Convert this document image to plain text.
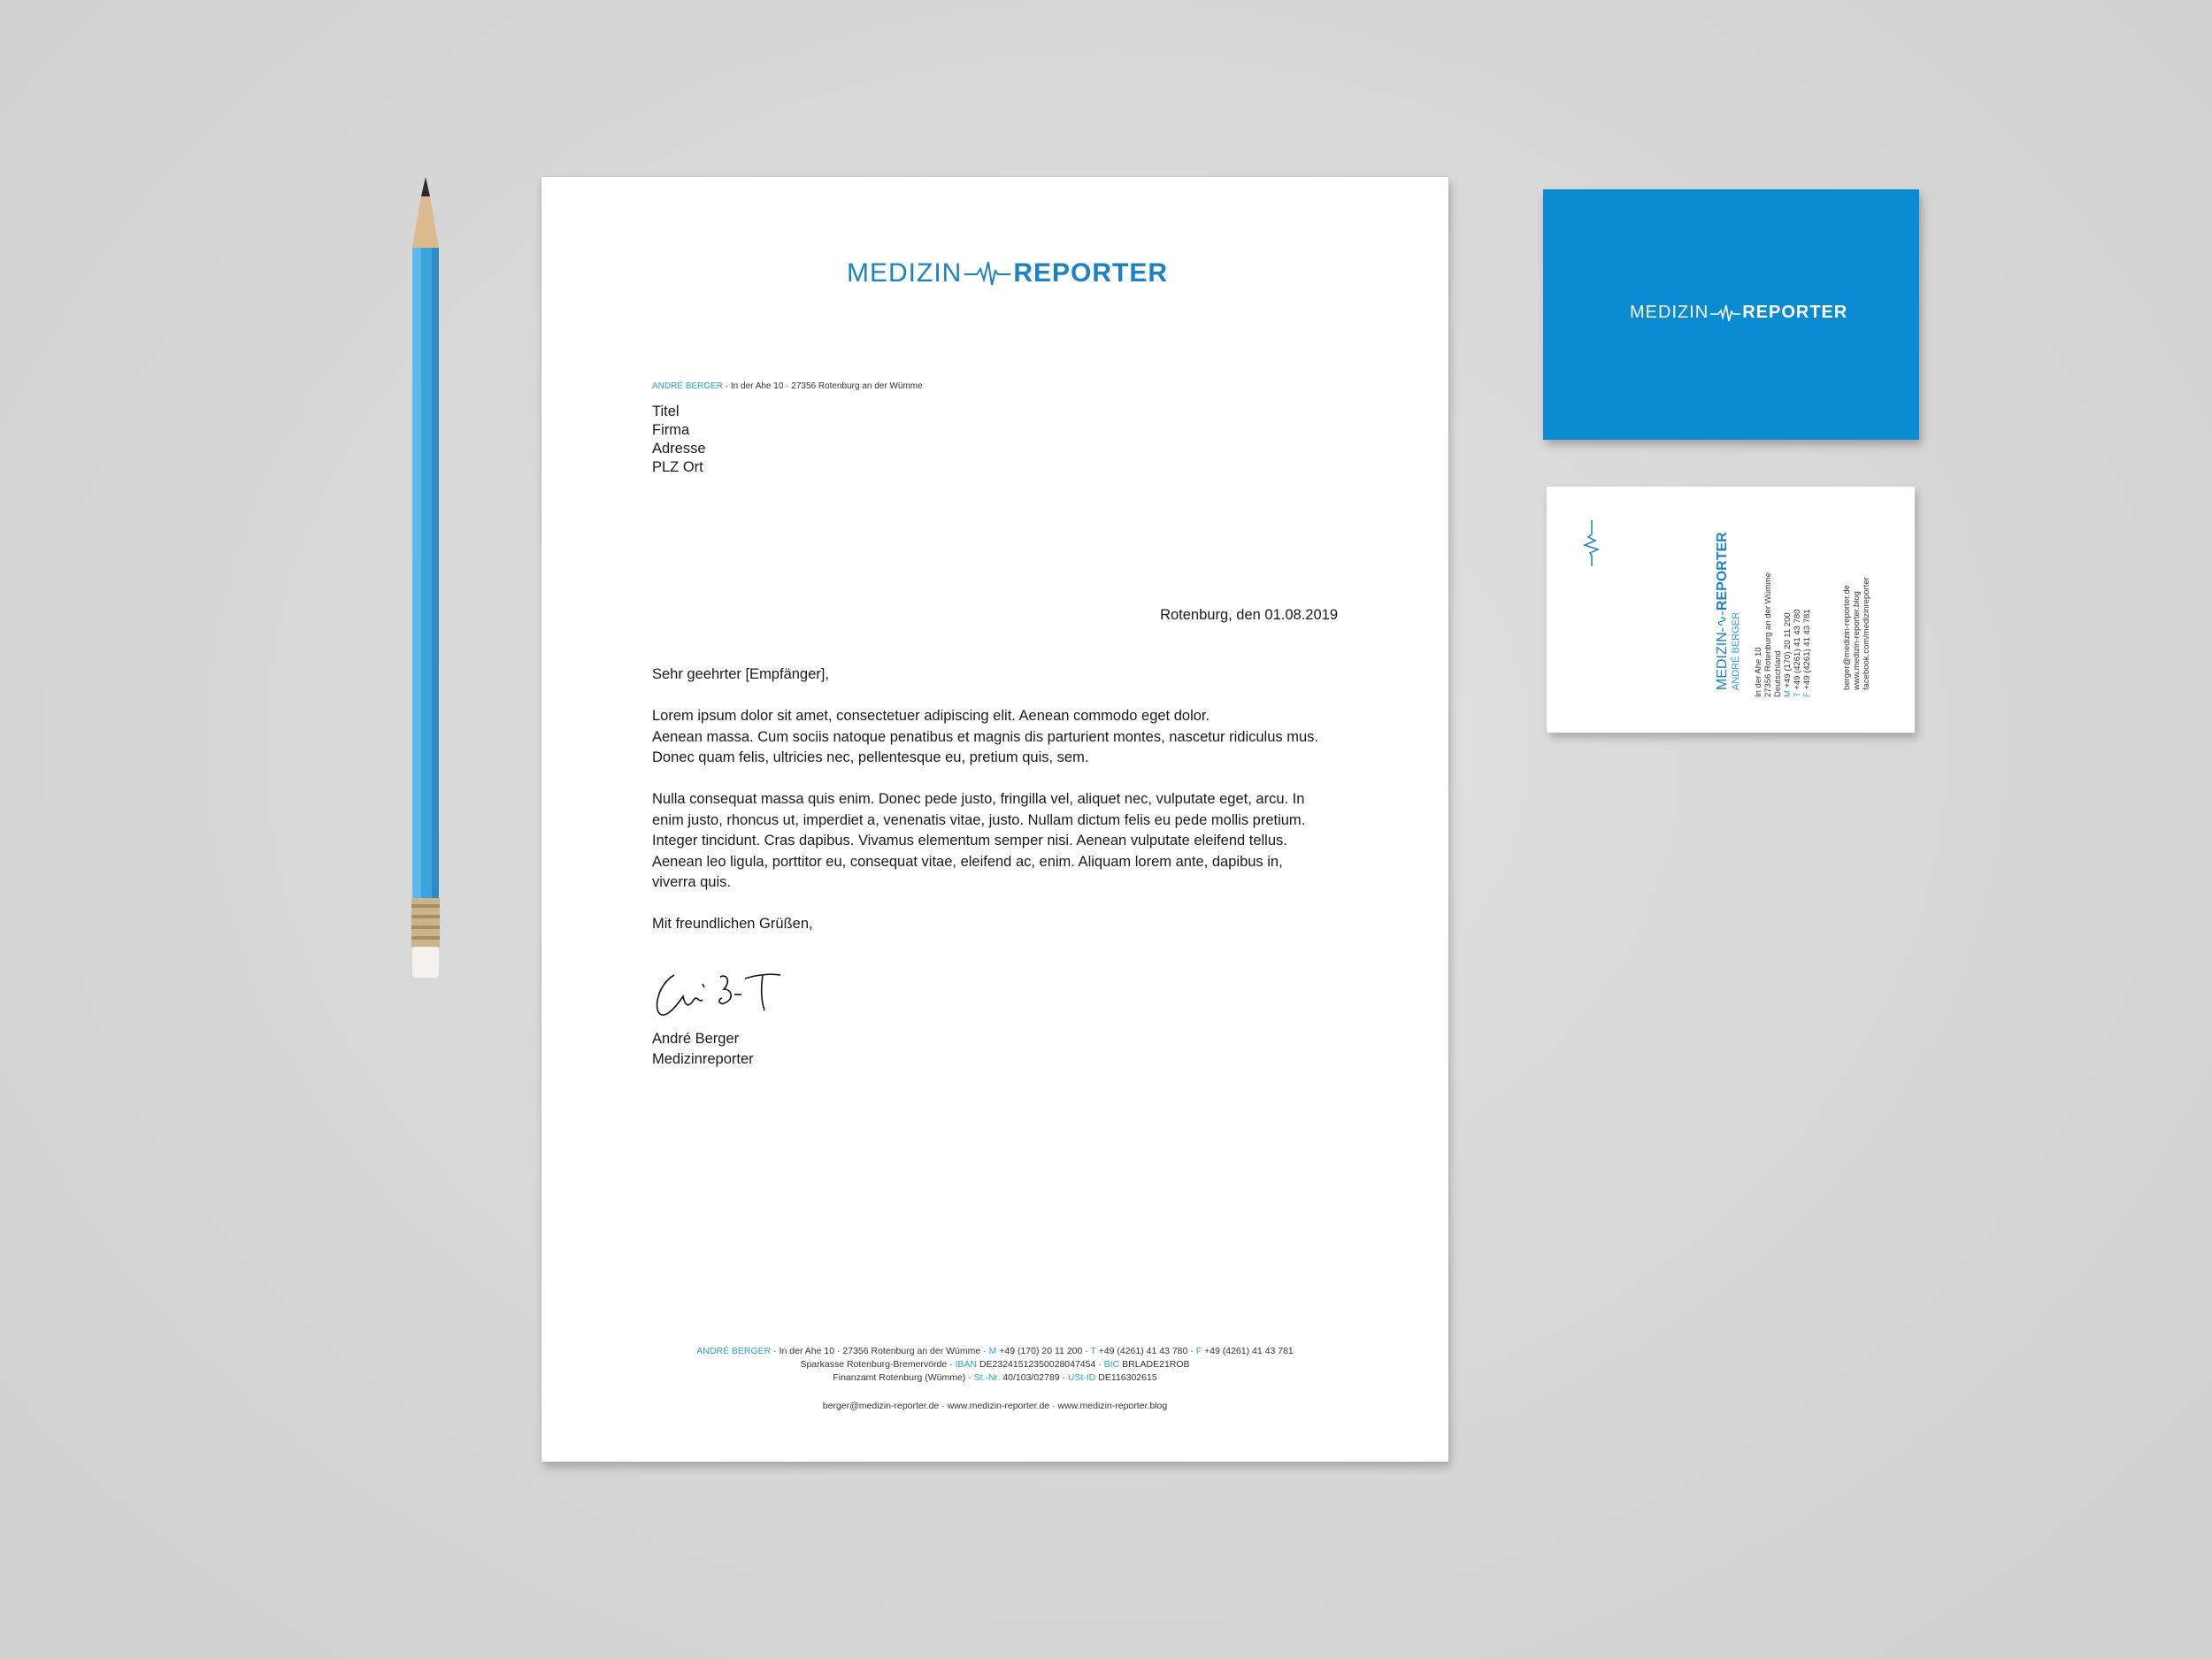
MEDIZIN REPORTER
ANDRÉ BERGER · In der Ahe 10 · 27356 Rotenburg an der Wümme
Titel
Firma
Adresse
PLZ Ort
Rotenburg, den 01.08.2019

Sehr geehrter [Empfänger],

Lorem ipsum dolor sit amet, consectetuer adipiscing elit. Aenean commodo eget dolor.

Aenean massa. Cum sociis natoque penatibus et magnis dis parturient montes, nascetur ridiculus mus.

Donec quam felis, ultricies nec, pellentesque eu, pretium quis, sem.

Nulla consequat massa quis enim. Donec pede justo, fringilla vel, aliquet nec, vulputate eget, arcu. In

enim justo, rhoncus ut, imperdiet a, venenatis vitae, justo. Nullam dictum felis eu pede mollis pretium.

Integer tincidunt. Cras dapibus. Vivamus elementum semper nisi. Aenean vulputate eleifend tellus.

Aenean leo ligula, porttitor eu, consequat vitae, eleifend ac, enim. Aliquam lorem ante, dapibus in,

viverra quis.

Mit freundlichen Grüßen,

André Berger
Medizinreporter
ANDRÉ BERGER · In der Ahe 10 · 27356 Rotenburg an der Wümme · M +49 (170) 20 11 200 · T +49 (4261) 41 43 780 · F +49 (4261) 41 43 781
Sparkasse Rotenburg-Bremervörde · IBAN DE23241512350028047454 · BIC BRLADE21ROB
Finanzamt Rotenburg (Wümme) · St.-Nr. 40/103/02789 · USt-ID DE116302615
berger@medizin-reporter.de · www.medizin-reporter.de · www.medizin-reporter.blog
MEDIZIN REPORTER
MEDIZIN-∿-REPORTER
ANDRÉ BERGER In der Ahe 10 27356 Rotenburg an der Wümme Deutschland M +49 (170) 20 11 200
T +49 (4261) 41 43 780
F +49 (4261) 41 43 781	berger@medizin-reporter.de www.medizin-reporter.blog facebook.com/medizinreporter
